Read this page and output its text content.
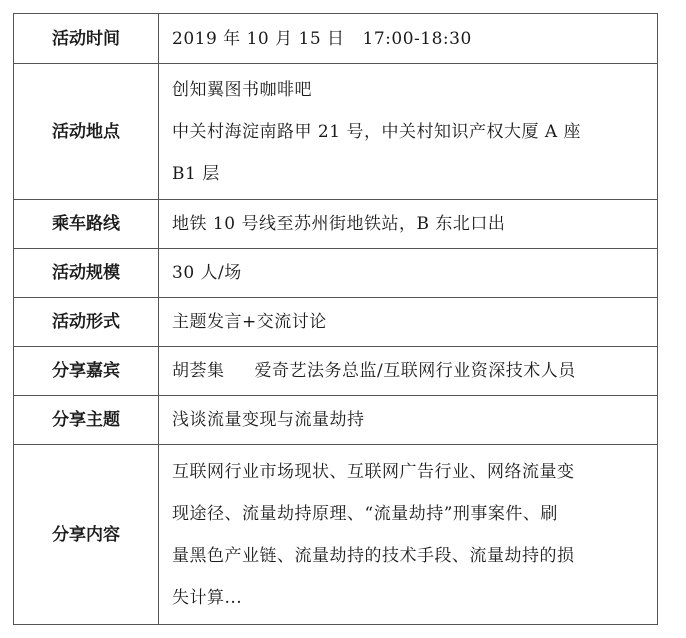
活动时间	2019 年 10 月 15 日 17:00-18:30
活动地点	创知翼图书咖啡吧
中关村海淀南路甲 21 号，中关村知识产权大厦 A 座
B1 层

乘车路线	地铁 10 号线至苏州街地铁站，B 东北口出
活动规模	30 人/场
活动形式	主题发言+交流讨论
分享嘉宾	胡荟集 爱奇艺法务总监/互联网行业资深技术人员
分享主题	浅谈流量变现与流量劫持
分享内容	互联网行业市场现状、互联网广告行业、网络流量变
现途径、流量劫持原理、“流量劫持”刑事案件、刷
量黑色产业链、流量劫持的技术手段、流量劫持的损
失计算...
